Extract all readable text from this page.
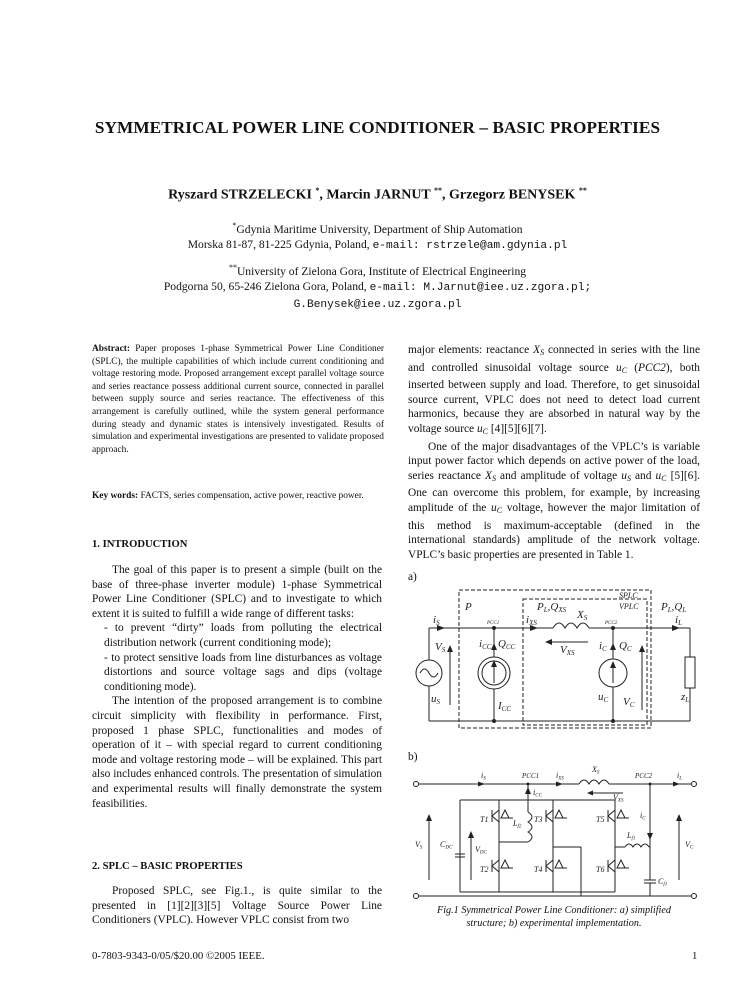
SYMMETRICAL POWER LINE CONDITIONER – BASIC PROPERTIES
Ryszard STRZELECKI *, Marcin JARNUT **, Grzegorz BENYSEK **
*Gdynia Maritime University, Department of Ship Automation
Morska 81-87, 81-225 Gdynia, Poland, e-mail: rstrzele@am.gdynia.pl
**University of Zielona Gora, Institute of Electrical Engineering
Podgorna 50, 65-246 Zielona Gora, Poland, e-mail: M.Jarnut@iee.uz.zgora.pl;
G.Benysek@iee.uz.zgora.pl
Abstract: Paper proposes 1-phase Symmetrical Power Line Conditioner (SPLC), the multiple capabilities of which include current conditioning and voltage restoring mode. Proposed arrangement except parallel voltage source and series reactance possess additional current source, connected in parallel between supply source and series reactance. The effectiveness of this arrangement is carefully outlined, while the system general performance during steady and dynamic states is intensively investigated. Results of simulation and experimental investigations are presented to validate proposed approach.
Key words: FACTS, series compensation, active power, reactive power.
1. INTRODUCTION
The goal of this paper is to present a simple (built on the base of three-phase inverter module) 1-phase Symmetrical Power Line Conditioner (SPLC) and to investigate to which extent it is suited to fulfill a wide range of different tasks:
- to prevent “dirty” loads from polluting the electrical distribution network (current conditioning mode);
- to protect sensitive loads from line disturbances as voltage distortions and source voltage sags and dips (voltage conditioning mode).
The intention of the proposed arrangement is to combine circuit simplicity with flexibility in performance. First, proposed 1 phase SPLC, functionalities and modes of operation of it – with special regard to current conditioning mode and voltage restoring mode – will be explained. This part also includes enhanced controls. The presentation of simulation and experimental results will finally demonstrate the system feasibilities.
2. SPLC – BASIC PROPERTIES
Proposed SPLC, see Fig.1., is quite similar to the presented in [1][2][3][5] Voltage Source Power Line Conditioners (VPLC). However VPLC consist from two
major elements: reactance $X_S$ connected in series with the line and controlled sinusoidal voltage source $u_C$ (PCC2), both inserted between supply and load. Therefore, to get sinusoidal source current, VPLC does not need to detect load current harmonics, because they are absorbed in natural way by the voltage source $u_C$ [4][5][6][7].
One of the major disadvantages of the VPLC’s is variable input power factor which depends on active power of the load, series reactance $X_S$ and amplitude of voltage $u_S$ and $u_C$ [5][6]. One can overcome this problem, for example, by increasing amplitude of the $u_C$ voltage, however the major limitation of this method is maximum-acceptable (defined in the international standards) amplitude of the network voltage. VPLC’s basic properties are presented in Table 1.
a)
SPLC
VPLC
P	PL,QXS	PL,QL
iS	iXS	iL
PCC1	PCC2
XS
VXS
VS
uS
iCC QCC
ICC
iC QC
uC VC
zL
b)
iS	PCC1 iXS
XS	PCC2	iL
iCC	VXS
iC
VS CDC	VDC
T1
T2
T3
T4
T5
T6
Lf2
Lf1
Cf1
VC
Fig.1 Symmetrical Power Line Conditioner: a) simplified
structure; b) experimental implementation.
0-7803-9343-0/05/$20.00 ©2005 IEEE.	1
